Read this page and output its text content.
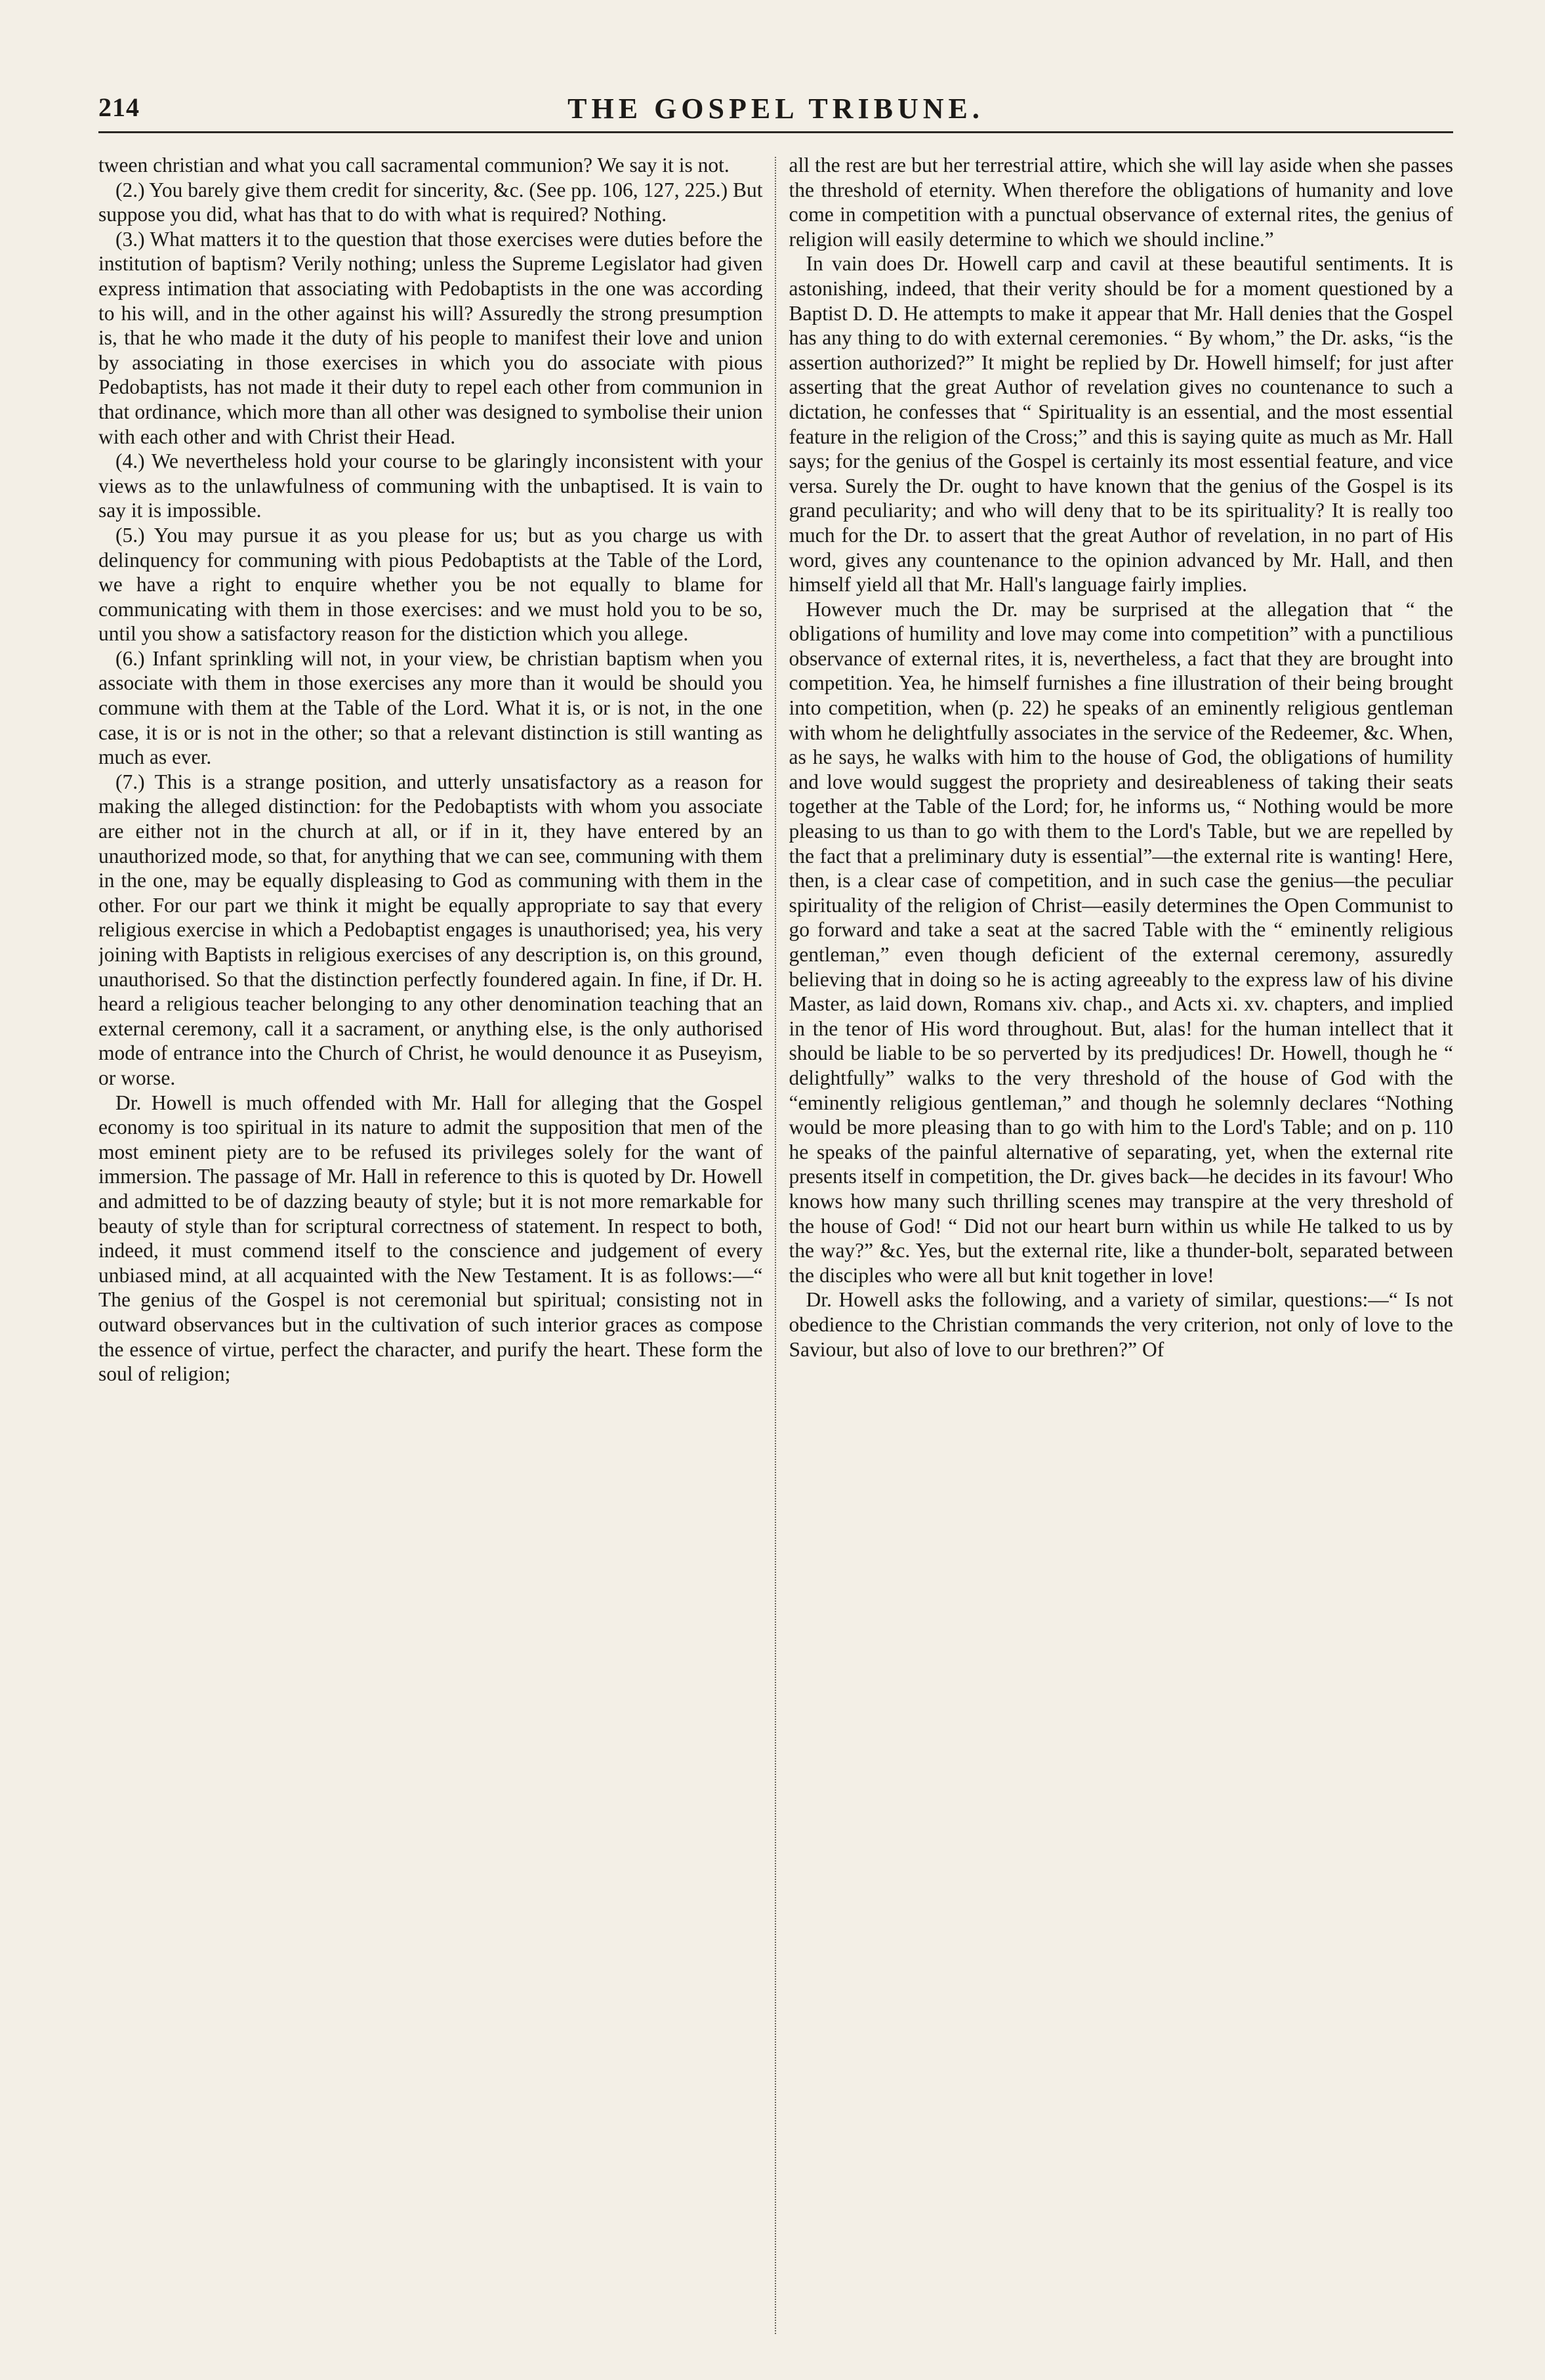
214	THE GOSPEL TRIBUNE.

tween christian and what you call sacramental communion? We say it is not.

(2.) You barely give them credit for sincerity, &c. (See pp. 106, 127, 225.) But suppose you did, what has that to do with what is required? Nothing.

(3.) What matters it to the question that those exercises were duties before the institution of baptism? Verily nothing; unless the Supreme Legislator had given express intimation that associating with Pedobaptists in the one was according to his will, and in the other against his will? Assuredly the strong presumption is, that he who made it the duty of his people to manifest their love and union by associating in those exercises in which you do associate with pious Pedobaptists, has not made it their duty to repel each other from communion in that ordinance, which more than all other was designed to symbolise their union with each other and with Christ their Head.

(4.) We nevertheless hold your course to be glaringly inconsistent with your views as to the unlawfulness of communing with the unbaptised. It is vain to say it is impossible.

(5.) You may pursue it as you please for us; but as you charge us with delinquency for communing with pious Pedobaptists at the Table of the Lord, we have a right to enquire whether you be not equally to blame for communicating with them in those exercises: and we must hold you to be so, until you show a satisfactory reason for the distiction which you allege.

(6.) Infant sprinkling will not, in your view, be christian baptism when you associate with them in those exercises any more than it would be should you commune with them at the Table of the Lord. What it is, or is not, in the one case, it is or is not in the other; so that a relevant distinction is still wanting as much as ever.

(7.) This is a strange position, and utterly unsatisfactory as a reason for making the alleged distinction: for the Pedobaptists with whom you associate are either not in the church at all, or if in it, they have entered by an unauthorized mode, so that, for anything that we can see, communing with them in the one, may be equally displeasing to God as communing with them in the other. For our part we think it might be equally appropriate to say that every religious exercise in which a Pedobaptist engages is unauthorised; yea, his very joining with Baptists in religious exercises of any description is, on this ground, unauthorised. So that the distinction perfectly foundered again. In fine, if Dr. H. heard a religious teacher belonging to any other denomination teaching that an external ceremony, call it a sacrament, or anything else, is the only authorised mode of entrance into the Church of Christ, he would denounce it as Puseyism, or worse.

Dr. Howell is much offended with Mr. Hall for alleging that the Gospel economy is too spiritual in its nature to admit the supposition that men of the most eminent piety are to be refused its privileges solely for the want of immersion. The passage of Mr. Hall in reference to this is quoted by Dr. Howell and admitted to be of dazzing beauty of style; but it is not more remarkable for beauty of style than for scriptural correctness of statement. In respect to both, indeed, it must commend itself to the conscience and judgement of every unbiased mind, at all acquainted with the New Testament. It is as follows:—“ The genius of the Gospel is not ceremonial but spiritual; consisting not in outward observances but in the cultivation of such interior graces as compose the essence of virtue, perfect the character, and purify the heart. These form the soul of religion;

all the rest are but her terrestrial attire, which she will lay aside when she passes the threshold of eternity. When therefore the obligations of humanity and love come in competition with a punctual observance of external rites, the genius of religion will easily determine to which we should incline.”

In vain does Dr. Howell carp and cavil at these beautiful sentiments. It is astonishing, indeed, that their verity should be for a moment questioned by a Baptist D. D. He attempts to make it appear that Mr. Hall denies that the Gospel has any thing to do with external ceremonies. “ By whom,” the Dr. asks, “is the assertion authorized?” It might be replied by Dr. Howell himself; for just after asserting that the great Author of revelation gives no countenance to such a dictation, he confesses that “ Spirituality is an essential, and the most essential feature in the religion of the Cross;” and this is saying quite as much as Mr. Hall says; for the genius of the Gospel is certainly its most essential feature, and vice versa. Surely the Dr. ought to have known that the genius of the Gospel is its grand peculiarity; and who will deny that to be its spirituality? It is really too much for the Dr. to assert that the great Author of revelation, in no part of His word, gives any countenance to the opinion advanced by Mr. Hall, and then himself yield all that Mr. Hall's language fairly implies.

However much the Dr. may be surprised at the allegation that “ the obligations of humility and love may come into competition” with a punctilious observance of external rites, it is, nevertheless, a fact that they are brought into competition. Yea, he himself furnishes a fine illustration of their being brought into competition, when (p. 22) he speaks of an eminently religious gentleman with whom he delightfully associates in the service of the Redeemer, &c. When, as he says, he walks with him to the house of God, the obligations of humility and love would suggest the propriety and desireableness of taking their seats together at the Table of the Lord; for, he informs us, “ Nothing would be more pleasing to us than to go with them to the Lord's Table, but we are repelled by the fact that a preliminary duty is essential”—the external rite is wanting! Here, then, is a clear case of competition, and in such case the genius—the peculiar spirituality of the religion of Christ—easily determines the Open Communist to go forward and take a seat at the sacred Table with the “ eminently religious gentleman,” even though deficient of the external ceremony, assuredly believing that in doing so he is acting agreeably to the express law of his divine Master, as laid down, Romans xiv. chap., and Acts xi. xv. chapters, and implied in the tenor of His word throughout. But, alas! for the human intellect that it should be liable to be so perverted by its predjudices! Dr. Howell, though he “ delightfully” walks to the very threshold of the house of God with the “eminently religious gentleman,” and though he solemnly declares “Nothing would be more pleasing than to go with him to the Lord's Table; and on p. 110 he speaks of the painful alternative of separating, yet, when the external rite presents itself in competition, the Dr. gives back—he decides in its favour! Who knows how many such thrilling scenes may transpire at the very threshold of the house of God! “ Did not our heart burn within us while He talked to us by the way?” &c. Yes, but the external rite, like a thunder-bolt, separated between the disciples who were all but knit together in love!

Dr. Howell asks the following, and a variety of similar, questions:—“ Is not obedience to the Christian commands the very criterion, not only of love to the Saviour, but also of love to our brethren?” Of
